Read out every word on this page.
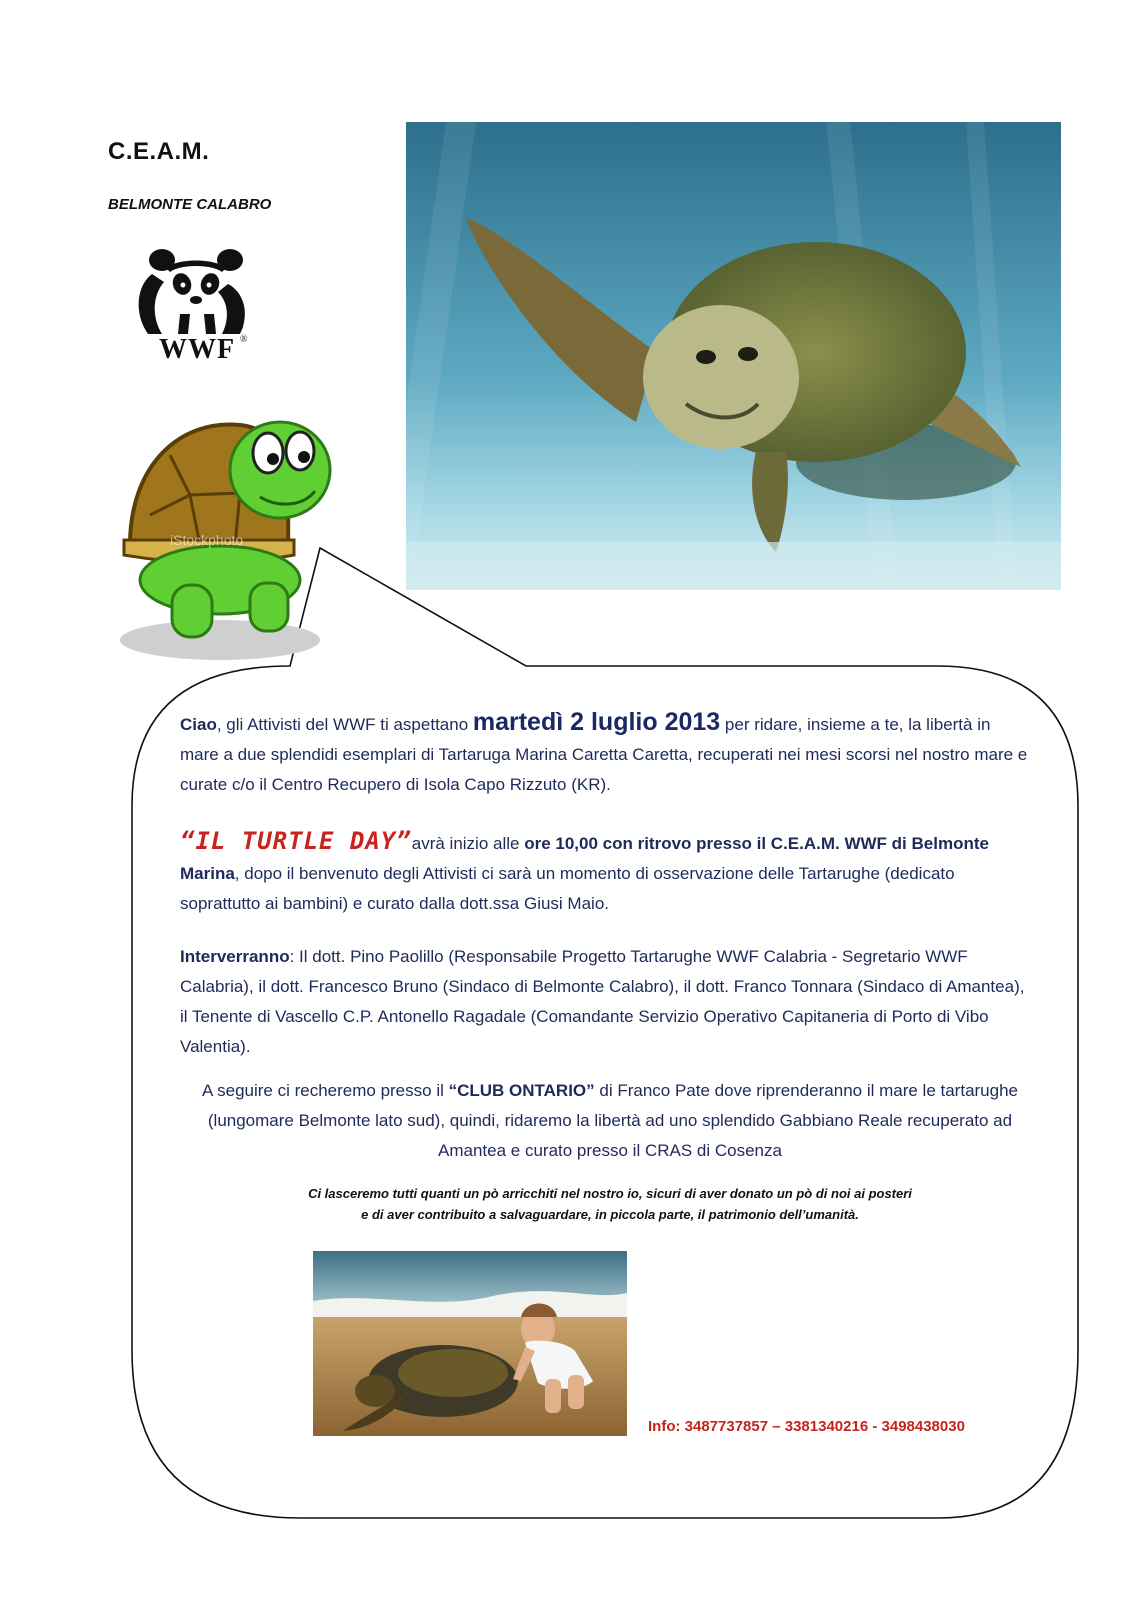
C.E.A.M.
BELMONTE CALABRO
©
WWF ®
iStockphoto
Ciao, gli Attivisti del WWF ti aspettano martedì 2 luglio 2013 per ridare, insieme a te, la libertà in mare a due splendidi esemplari di Tartaruga Marina Caretta Caretta, recuperati nei mesi scorsi nel nostro mare e curate c/o il Centro Recupero di Isola Capo Rizzuto (KR).
“IL TURTLE DAY”avrà inizio alle ore 10,00 con ritrovo presso il C.E.A.M. WWF di Belmonte Marina, dopo il benvenuto degli Attivisti ci sarà un momento di osservazione delle Tartarughe (dedicato soprattutto ai bambini) e curato dalla dott.ssa Giusi Maio.
Interverranno: Il dott. Pino Paolillo (Responsabile Progetto Tartarughe WWF Calabria - Segretario WWF Calabria), il dott. Francesco Bruno (Sindaco di Belmonte Calabro), il dott. Franco Tonnara (Sindaco di Amantea), il Tenente di Vascello C.P. Antonello Ragadale (Comandante Servizio Operativo Capitaneria di Porto di Vibo Valentia).
A seguire ci recheremo presso il “CLUB ONTARIO” di Franco Pate dove riprenderanno il mare le tartarughe (lungomare Belmonte lato sud), quindi, ridaremo la libertà ad uno splendido Gabbiano Reale recuperato ad Amantea e curato presso il CRAS di Cosenza
Ci lasceremo tutti quanti un pò arricchiti nel nostro io, sicuri di aver donato un pò di noi ai posteri
e di aver contribuito a salvaguardare, in piccola parte, il patrimonio dell’umanità.
Info: 3487737857 – 3381340216 - 3498438030
